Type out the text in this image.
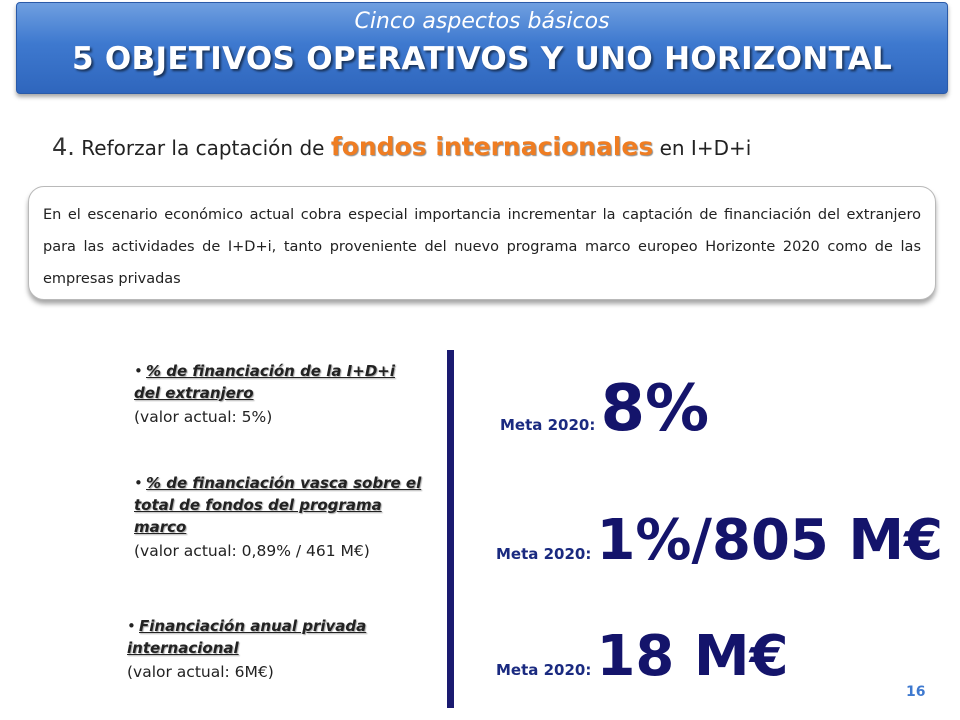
Cinco aspectos básicos
5 OBJETIVOS OPERATIVOS Y UNO HORIZONTAL
4. Reforzar la captación de fondos internacionales en I+D+i

En el escenario económico actual cobra especial importancia incrementar la captación de financiación del extranjero para las actividades de I+D+i, tanto proveniente del nuevo programa marco europeo Horizonte 2020 como de las empresas privadas

• % de financiación de la I+D+i del extranjero
(valor actual: 5%)	Meta 2020: 8%
• % de financiación vasca sobre el total de fondos del programa marco
(valor actual: 0,89% / 461 M€)	Meta 2020: 1%/805 M€
• Financiación anual privada internacional
(valor actual: 6M€)	Meta 2020: 18 M€
16
